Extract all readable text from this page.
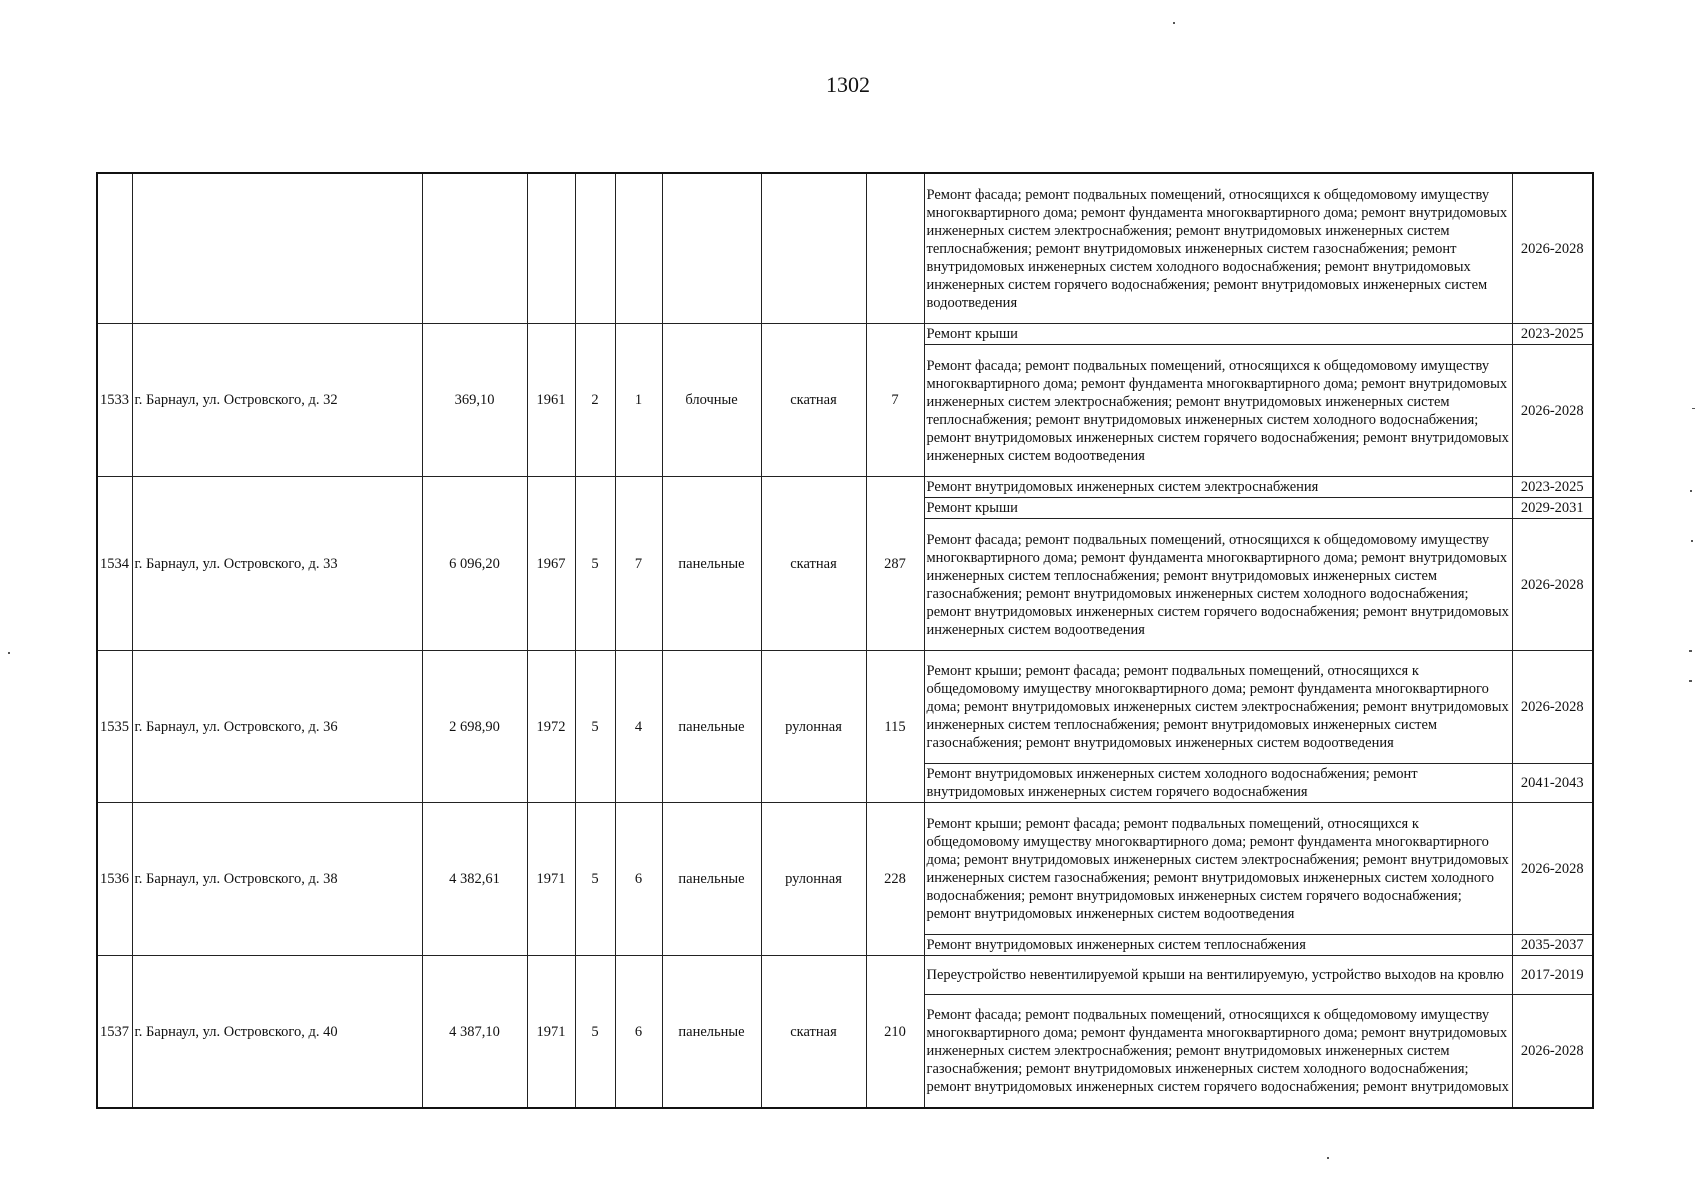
1302
									Ремонт фасада; ремонт подвальных помещений, относящихся к общедомовому имуществу многоквартирного дома; ремонт фундамента многоквартирного дома; ремонт внутридомовых инженерных систем электроснабжения; ремонт внутридомовых инженерных систем теплоснабжения; ремонт внутридомовых инженерных систем газоснабжения; ремонт внутридомовых инженерных систем холодного водоснабжения; ремонт внутридомовых инженерных систем горячего водоснабжения; ремонт внутридомовых инженерных систем водоотведения	2026-2028
1533	г. Барнаул, ул. Островского, д. 32	369,10	1961	2	1	блочные	скатная	7	Ремонт крыши	2023-2025
									Ремонт фасада; ремонт подвальных помещений, относящихся к общедомовому имуществу многоквартирного дома; ремонт фундамента многоквартирного дома; ремонт внутридомовых инженерных систем электроснабжения; ремонт внутридомовых инженерных систем теплоснабжения; ремонт внутридомовых инженерных систем холодного водоснабжения; ремонт внутридомовых инженерных систем горячего водоснабжения; ремонт внутридомовых инженерных систем водоотведения	2026-2028
1534	г. Барнаул, ул. Островского, д. 33	6 096,20	1967	5	7	панельные	скатная	287	Ремонт внутридомовых инженерных систем электроснабжения	2023-2025
									Ремонт крыши	2029-2031
									Ремонт фасада; ремонт подвальных помещений, относящихся к общедомовому имуществу многоквартирного дома; ремонт фундамента многоквартирного дома; ремонт внутридомовых инженерных систем теплоснабжения; ремонт внутридомовых инженерных систем газоснабжения; ремонт внутридомовых инженерных систем холодного водоснабжения; ремонт внутридомовых инженерных систем горячего водоснабжения; ремонт внутридомовых инженерных систем водоотведения	2026-2028
1535	г. Барнаул, ул. Островского, д. 36	2 698,90	1972	5	4	панельные	рулонная	115	Ремонт крыши; ремонт фасада; ремонт подвальных помещений, относящихся к общедомовому имуществу многоквартирного дома; ремонт фундамента многоквартирного дома; ремонт внутридомовых инженерных систем электроснабжения; ремонт внутридомовых инженерных систем теплоснабжения; ремонт внутридомовых инженерных систем газоснабжения; ремонт внутридомовых инженерных систем водоотведения	2026-2028
									Ремонт внутридомовых инженерных систем холодного водоснабжения; ремонт внутридомовых инженерных систем горячего водоснабжения	2041-2043
1536	г. Барнаул, ул. Островского, д. 38	4 382,61	1971	5	6	панельные	рулонная	228	Ремонт крыши; ремонт фасада; ремонт подвальных помещений, относящихся к общедомовому имуществу многоквартирного дома; ремонт фундамента многоквартирного дома; ремонт внутридомовых инженерных систем электроснабжения; ремонт внутридомовых инженерных систем газоснабжения; ремонт внутридомовых инженерных систем холодного водоснабжения; ремонт внутридомовых инженерных систем горячего водоснабжения; ремонт внутридомовых инженерных систем водоотведения	2026-2028
									Ремонт внутридомовых инженерных систем теплоснабжения	2035-2037
1537	г. Барнаул, ул. Островского, д. 40	4 387,10	1971	5	6	панельные	скатная	210	Переустройство невентилируемой крыши на вентилируемую, устройство выходов на кровлю	2017-2019
									Ремонт фасада; ремонт подвальных помещений, относящихся к общедомовому имуществу многоквартирного дома; ремонт фундамента многоквартирного дома; ремонт внутридомовых инженерных систем электроснабжения; ремонт внутридомовых инженерных систем газоснабжения; ремонт внутридомовых инженерных систем холодного водоснабжения; ремонт внутридомовых инженерных систем горячего водоснабжения; ремонт внутридомовых	2026-2028
